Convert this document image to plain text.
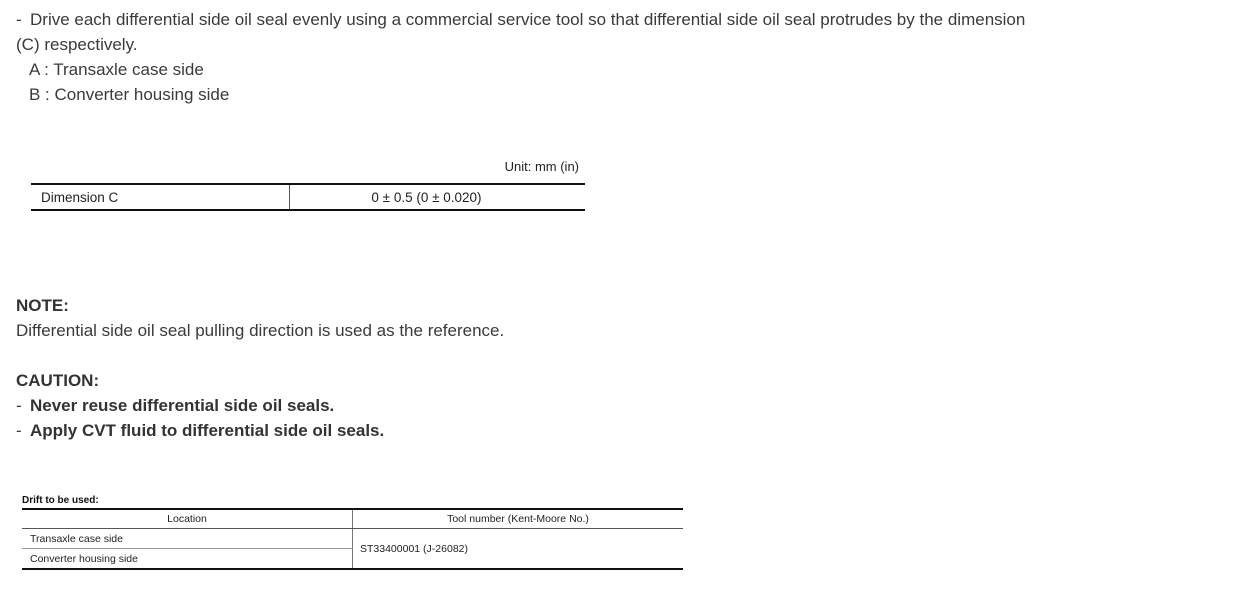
- Drive each differential side oil seal evenly using a commercial service tool so that differential side oil seal protrudes by the dimension
(C) respectively.
A : Transaxle case side
B : Converter housing side
Unit: mm (in)
Dimension C	0 ± 0.5 (0 ± 0.020)
NOTE:
Differential side oil seal pulling direction is used as the reference.
CAUTION:
- Never reuse differential side oil seals.
- Apply CVT fluid to differential side oil seals.
Drift to be used:
Location	Tool number (Kent-Moore No.)
Transaxle case side	ST33400001 (J-26082)
Converter housing side	
